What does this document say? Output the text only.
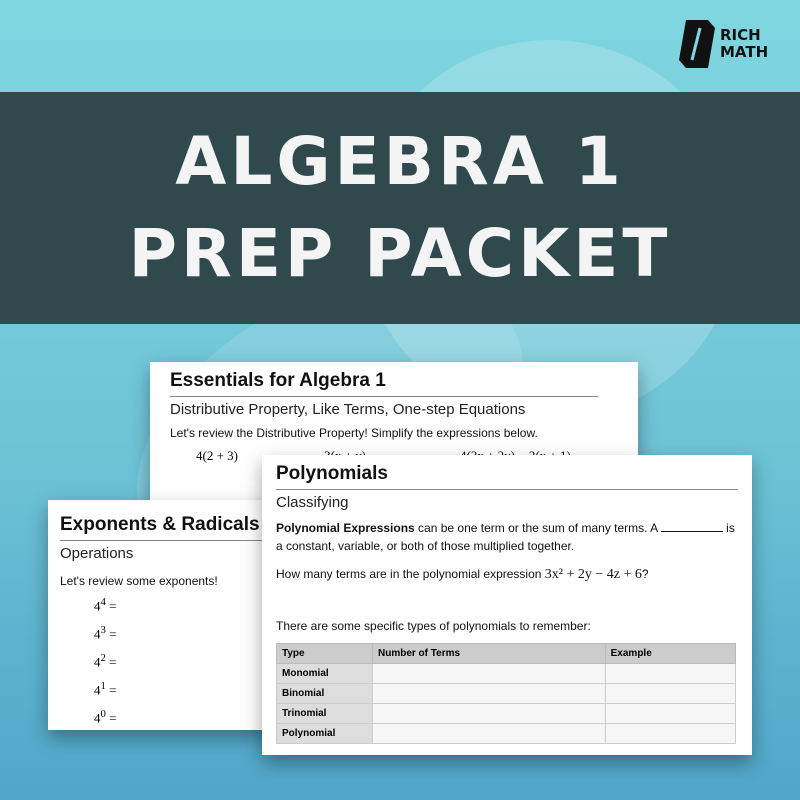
RICH
MATH
ALGEBRA 1
PREP PACKET
Essentials for Algebra 1
Distributive Property, Like Terms, One-step Equations
Let's review the Distributive Property! Simplify the expressions below.
4(2 + 3)
Exponents & Radicals
Operations
Let's review some exponents!
$4^4$ =
$4^3$ =
$4^2$ =
$4^1$ =
$4^0$ =
Polynomials
Classifying
Polynomial Expressions can be one term or the sum of many terms. A	is a constant, variable, or both of those multiplied together.
How many terms are in the polynomial expression 3x² + 2y − 4z + 6?
There are some specific types of polynomials to remember:
Type	Number of Terms	Example
Monomial		
Binomial		
Trinomial		
Polynomial		
